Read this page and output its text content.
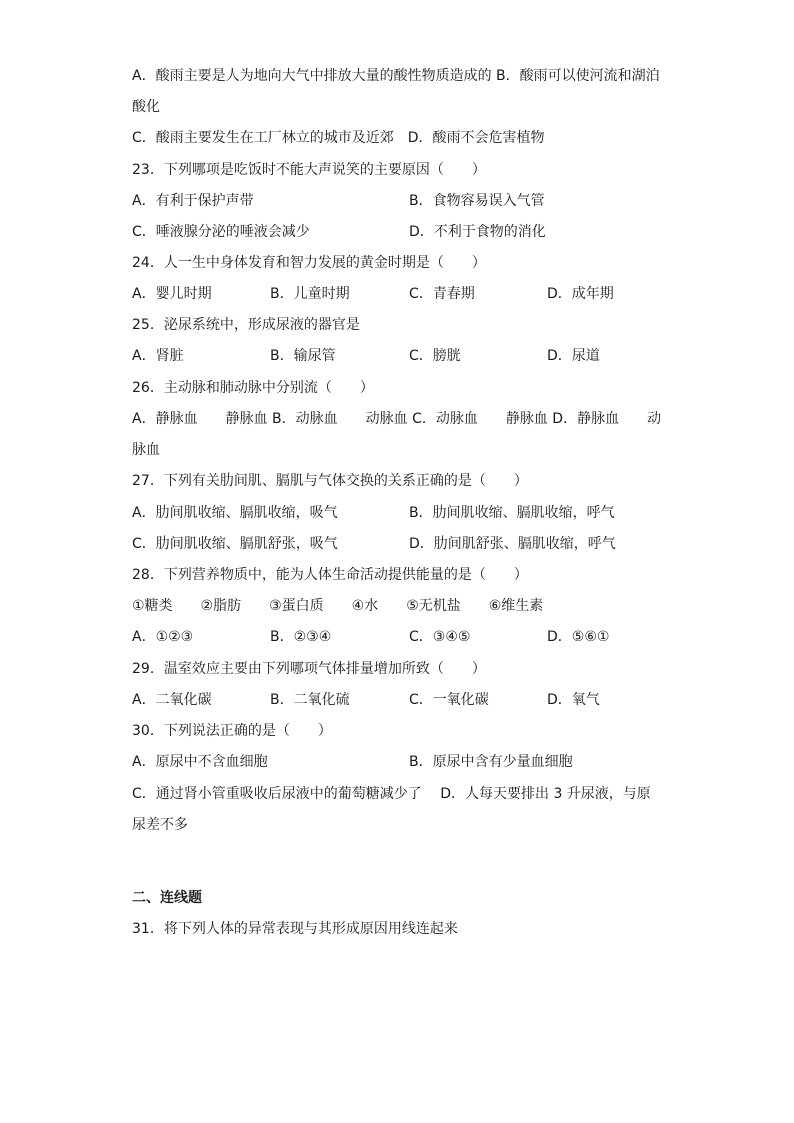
A．酸雨主要是人为地向大气中排放大量的酸性物质造成的 B．酸雨可以使河流和湖泊
酸化
C．酸雨主要发生在工厂林立的城市及近郊　D．酸雨不会危害植物
23．下列哪项是吃饭时不能大声说笑的主要原因（　　）
A．有利于保护声带	B．食物容易误入气管
C．唾液腺分泌的唾液会减少	D．不利于食物的消化
24．人一生中身体发育和智力发展的黄金时期是（　　）
A．婴儿时期	B．儿童时期	C．青春期	D．成年期
25．泌尿系统中，形成尿液的器官是
A．肾脏	B．输尿管	C．膀胱	D．尿道
26．主动脉和肺动脉中分别流（　　）
A．静脉血　　静脉血 B．动脉血　　动脉血 C．动脉血　　静脉血 D．静脉血　　动
脉血
27．下列有关肋间肌、膈肌与气体交换的关系正确的是（　　）
A．肋间肌收缩、膈肌收缩，吸气	B．肋间肌收缩、膈肌收缩，呼气
C．肋间肌收缩、膈肌舒张，吸气	D．肋间肌舒张、膈肌收缩，呼气
28．下列营养物质中，能为人体生命活动提供能量的是（　　）
①糖类　　②脂肪　　③蛋白质　　④水　　⑤无机盐　　⑥维生素
A．①②③	B．②③④	C．③④⑤	D．⑤⑥①
29．温室效应主要由下列哪项气体排量增加所致（　　）
A．二氧化碳	B．二氧化硫	C．一氧化碳	D．氧气
30．下列说法正确的是（　　）
A．原尿中不含血细胞	B．原尿中含有少量血细胞
C．通过肾小管重吸收后尿液中的葡萄糖减少了　 D．人每天要排出 3 升尿液，与原
尿差不多
二、连线题
31．将下列人体的异常表现与其形成原因用线连起来
